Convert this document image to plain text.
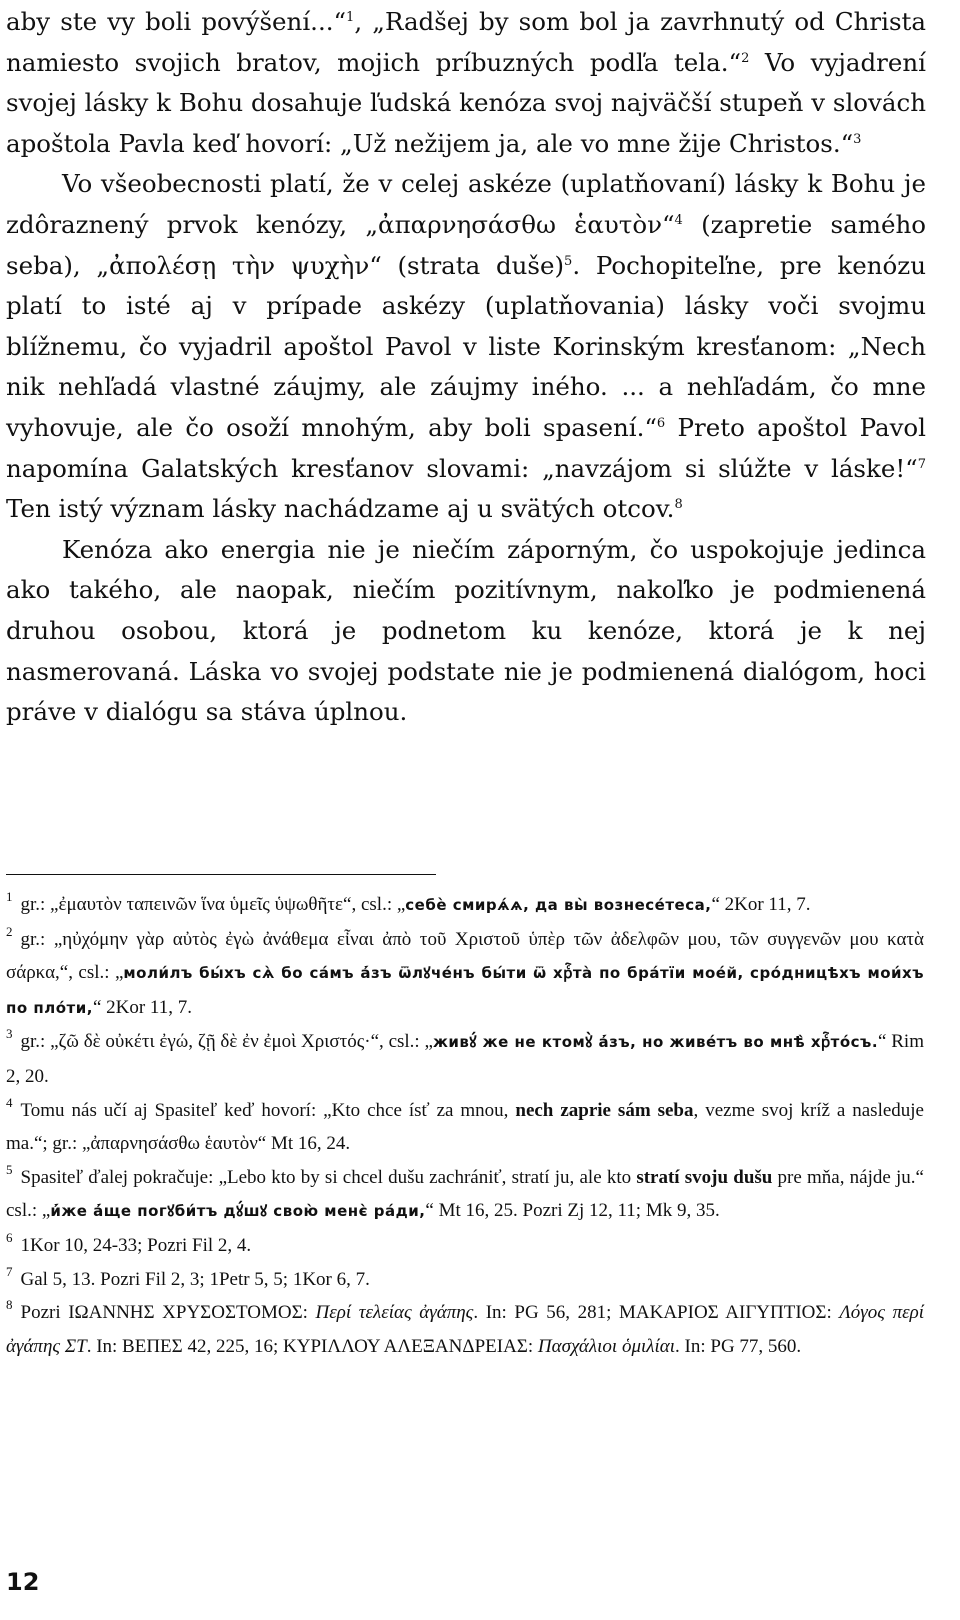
aby ste vy boli povýšení...“$^1$, „Radšej by som bol ja zavrhnutý od Christa namiesto svojich bratov, mojich príbuzných podľa tela.“$^2$ Vo vyjadrení svojej lásky k Bohu dosahuje ľudská kenóza svoj najväčší stupeň v slovách apoštola Pavla keď hovorí: „Už nežijem ja, ale vo mne žije Christos.“$^3$

Vo všeobecnosti platí, že v celej askéze (uplatňovaní) lásky k Bohu je zdôraznený prvok kenózy, „ἀπαρνησάσθω ἑαυτὸν“$^4$ (zapretie samého seba), „ἀπολέσῃ τὴν ψυχὴν“ (strata duše)$^5$. Pochopiteľne, pre kenózu platí to isté aj v prípade askézy (uplatňovania) lásky voči svojmu blížnemu, čo vyjadril apoštol Pavol v liste Korinským kresťanom: „Nech nik nehľadá vlastné záujmy, ale záujmy iného. ... a nehľadám, čo mne vyhovuje, ale čo osoží mnohým, aby boli spasení.“$^6$ Preto apoštol Pavol napomína Galatských kresťanov slovami: „navzájom si slúžte v láske!“$^7$ Ten istý význam lásky nachádzame aj u svätých otcov.$^8$

Kenóza ako energia nie je niečím záporným, čo uspokojuje jedinca ako takého, ale naopak, niečím pozitívnym, nakoľko je podmienená druhou osobou, ktorá je podnetom ku kenóze, ktorá je k nej nasmerovaná. Láska vo svojej podstate nie je podmienená dialógom, hoci práve v dialógu sa stáva úplnou.

$^1$ gr.: „ἐμαυτὸν ταπεινῶν ἵνα ὑμεῖς ὑψωθῆτε“, csl.: „себѐ смирѧ́ѧ, да вы̀ вознесе́теса,“ 2Kor 11, 7.

$^2$ gr.: „ηὐχόμην γὰρ αὐτὸς ἐγὼ ἀνάθεμα εἶναι ἀπὸ τοῦ Χριστοῦ ὑπὲρ τῶν ἀδελφῶν μου, τῶν συγγενῶν μου κατὰ σάρκα,“, csl.: „моли́лъ бы́хъ сѧ̀ бо са́мъ а҆́зъ ѿлꙋче́нъ бы́ти ѿ хрⷭ҇та̀ по бра́тїи мое́й, сро́дницѣхъ мои́хъ по пло́ти,“ 2Kor 11, 7.

$^3$ gr.: „ζῶ δὲ οὐκέτι ἐγώ, ζῇ δὲ ἐν ἐμοὶ Χριστός·“, csl.: „живꙋ́ же не ктомꙋ̀ а҆́зъ, но живе́тъ во мнѣ̀ хрⷭ҇то́съ.“ Rim 2, 20.

$^4$ Tomu nás učí aj Spasiteľ keď hovorí: „Kto chce ísť za mnou, nech zaprie sám seba, vezme svoj kríž a nasleduje ma.“; gr.: „ἀπαρνησάσθω ἑαυτὸν“ Mt 16, 24.

$^5$ Spasiteľ ďalej pokračuje: „Lebo kto by si chcel dušu zachrániť, stratí ju, ale kto stratí svoju dušu pre mňa, nájde ju.“ csl.: „и҆́же а҆́ще погꙋби́тъ дꙋ́шꙋ свою̀ менє̀ ра́ди,“ Mt 16, 25. Pozri Zj 12, 11; Mk 9, 35.

$^6$ 1Kor 10, 24-33; Pozri Fil 2, 4.

$^7$ Gal 5, 13. Pozri Fil 2, 3; 1Petr 5, 5; 1Kor 6, 7.

$^8$ Pozri ΙΩΑΝΝΗΣ ΧΡΥΣΟΣΤΟΜΟΣ: Περί τελείας ἀγάπης. In: PG 56, 281; ΜΑΚΑΡΙΟΣ ΑΙΓΥΠΤΙΟΣ: Λόγος περί ἀγάπης ΣΤ. In: ΒΕΠΕΣ 42, 225, 16; ΚΥΡΙΛΛΟΥ ΑΛΕΞΑΝΔΡΕΙΑΣ: Πασχάλιοι ὁμιλίαι. In: PG 77, 560.

12
